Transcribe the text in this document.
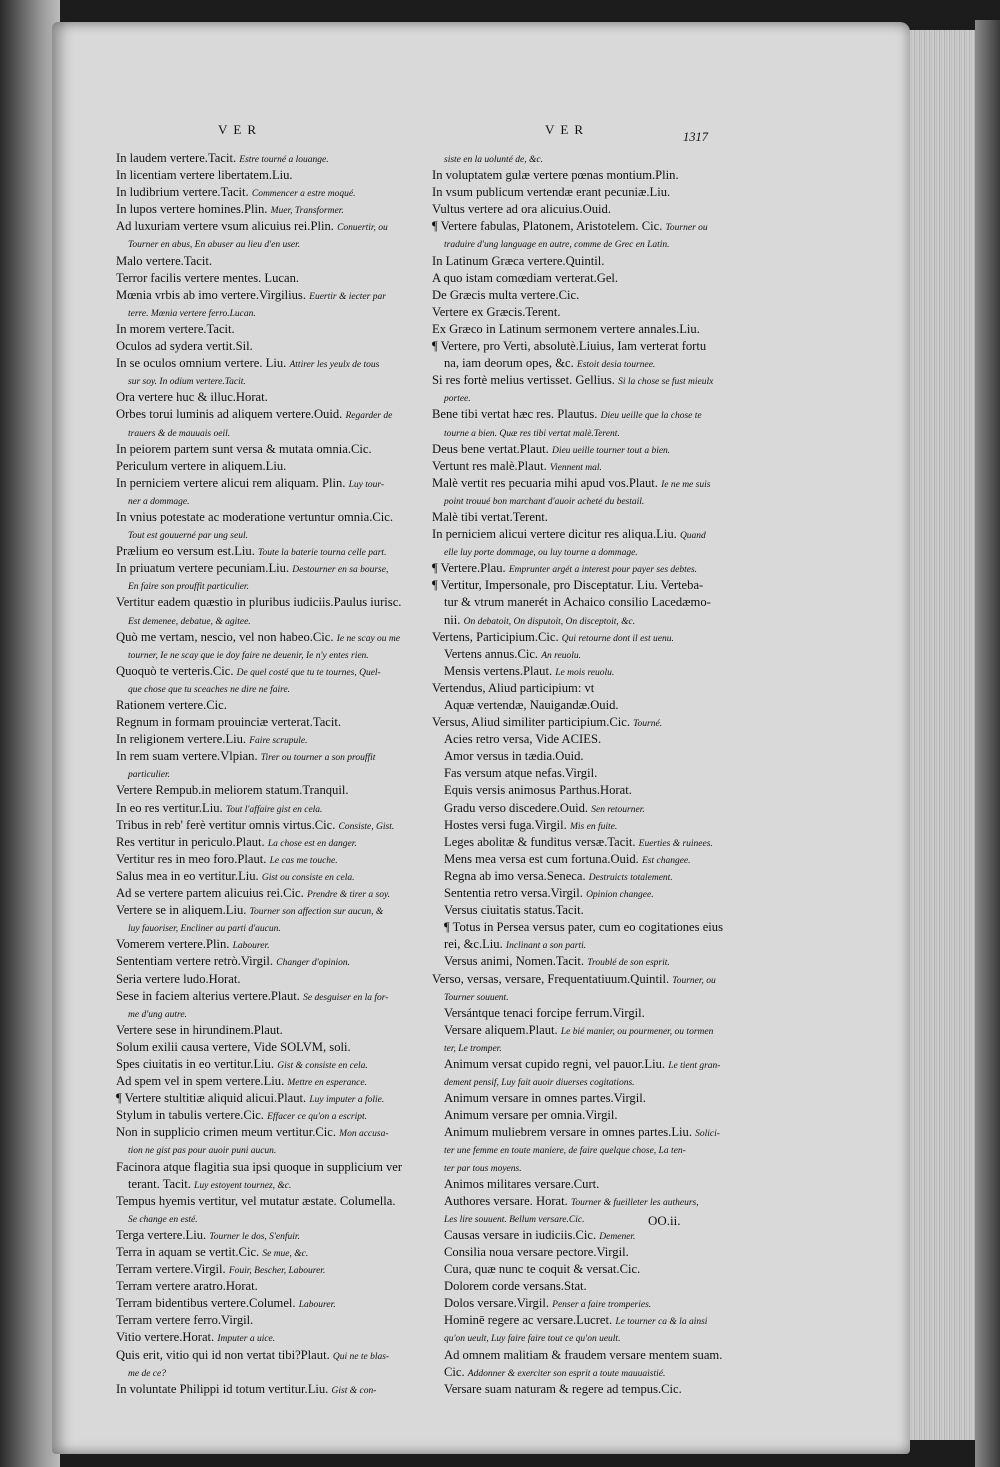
VER	VER	1317
In laudem vertere.Tacit. Estre tourné a louange.
In licentiam vertere libertatem.Liu.
In ludibrium vertere.Tacit. Commencer a estre moqué.
In lupos vertere homines.Plin. Muer, Transformer.
Ad luxuriam vertere vsum alicuius rei.Plin. Conuertir, ou
Tourner en abus, En abuser au lieu d'en user.
Malo vertere.Tacit.
Terror facilis vertere mentes. Lucan.
Mœnia vrbis ab imo vertere.Virgilius. Euertir & iecter par
terre. Mœnia vertere ferro.Lucan.
In morem vertere.Tacit.
Oculos ad sydera vertit.Sil.
In se oculos omnium vertere. Liu. Attirer les yeulx de tous
sur soy. In odium vertere.Tacit.
Ora vertere huc & illuc.Horat.
Orbes torui luminis ad aliquem vertere.Ouid. Regarder de
trauers & de mauuais oeil.
In peiorem partem sunt versa & mutata omnia.Cic.
Periculum vertere in aliquem.Liu.
In perniciem vertere alicui rem aliquam. Plin. Luy tour-
ner a dommage.
In vnius potestate ac moderatione vertuntur omnia.Cic.
Tout est gouuerné par ung seul.
Prælium eo versum est.Liu. Toute la baterie tourna celle part.
In priuatum vertere pecuniam.Liu. Destourner en sa bourse,
En faire son prouffit particulier.
Vertitur eadem quæstio in pluribus iudiciis.Paulus iurisc.
Est demenee, debatue, & agitee.
Quò me vertam, nescio, vel non habeo.Cic. Ie ne scay ou me
tourner, Ie ne scay que ie doy faire ne deuenir, Ie n'y entes rien.
Quoquò te verteris.Cic. De quel costé que tu te tournes, Quel-
que chose que tu sceaches ne dire ne faire.
Rationem vertere.Cic.
Regnum in formam prouinciæ verterat.Tacit.
In religionem vertere.Liu. Faire scrupule.
In rem suam vertere.Vlpian. Tirer ou tourner a son prouffit
particulier.
Vertere Rempub.in meliorem statum.Tranquil.
In eo res vertitur.Liu. Tout l'affaire gist en cela.
Tribus in reb' ferè vertitur omnis virtus.Cic. Consiste, Gist.
Res vertitur in periculo.Plaut. La chose est en danger.
Vertitur res in meo foro.Plaut. Le cas me touche.
Salus mea in eo vertitur.Liu. Gist ou consiste en cela.
Ad se vertere partem alicuius rei.Cic. Prendre & tirer a soy.
Vertere se in aliquem.Liu. Tourner son affection sur aucun, &
luy fauoriser, Encliner au parti d'aucun.
Vomerem vertere.Plin. Labourer.
Sententiam vertere retrò.Virgil. Changer d'opinion.
Seria vertere ludo.Horat.
Sese in faciem alterius vertere.Plaut. Se desguiser en la for-
me d'ung autre.
Vertere sese in hirundinem.Plaut.
Solum exilii causa vertere, Vide SOLVM, soli.
Spes ciuitatis in eo vertitur.Liu. Gist & consiste en cela.
Ad spem vel in spem vertere.Liu. Mettre en esperance.
¶ Vertere stultitiæ aliquid alicui.Plaut. Luy imputer a folie.
Stylum in tabulis vertere.Cic. Effacer ce qu'on a escript.
Non in supplicio crimen meum vertitur.Cic. Mon accusa-
tion ne gist pas pour auoir puni aucun.
Facinora atque flagitia sua ipsi quoque in supplicium ver
terant. Tacit. Luy estoyent tournez, &c.
Tempus hyemis vertitur, vel mutatur æstate. Columella.
Se change en esté.
Terga vertere.Liu. Tourner le dos, S'enfuir.
Terra in aquam se vertit.Cic. Se mue, &c.
Terram vertere.Virgil. Fouir, Bescher, Labourer.
Terram vertere aratro.Horat.
Terram bidentibus vertere.Columel. Labourer.
Terram vertere ferro.Virgil.
Vitio vertere.Horat. Imputer a uice.
Quis erit, vitio qui id non vertat tibi?Plaut. Qui ne te blas-
me de ce?
In voluntate Philippi id totum vertitur.Liu. Gist & con-
siste en la uolunté de, &c.
In voluptatem gulæ vertere pœnas montium.Plin.
In vsum publicum vertendæ erant pecuniæ.Liu.
Vultus vertere ad ora alicuius.Ouid.
¶ Vertere fabulas, Platonem, Aristotelem. Cic. Tourner ou
traduire d'ung language en autre, comme de Grec en Latin.
In Latinum Græca vertere.Quintil.
A quo istam comœdiam verterat.Gel.
De Græcis multa vertere.Cic.
Vertere ex Græcis.Terent.
Ex Græco in Latinum sermonem vertere annales.Liu.
¶ Vertere, pro Verti, absolutè.Liuius, Iam verterat fortu
na, iam deorum opes, &c. Estoit desia tournee.
Si res fortè melius vertisset. Gellius. Si la chose se fust mieulx
portee.
Bene tibi vertat hæc res. Plautus. Dieu ueille que la chose te
tourne a bien. Quæ res tibi vertat malè.Terent.
Deus bene vertat.Plaut. Dieu ueille tourner tout a bien.
Vertunt res malè.Plaut. Viennent mal.
Malè vertit res pecuaria mihi apud vos.Plaut. Ie ne me suis
point trouué bon marchant d'auoir acheté du bestail.
Malè tibi vertat.Terent.
In perniciem alicui vertere dicitur res aliqua.Liu. Quand
elle luy porte dommage, ou luy tourne a dommage.
¶ Vertere.Plau. Emprunter argét a interest pour payer ses debtes.
¶ Vertitur, Impersonale, pro Disceptatur. Liu. Verteba-
tur & vtrum manerét in Achaico consilio Lacedæmo-
nii. On debatoit, On disputoit, On disceptoit, &c.
Vertens, Participium.Cic. Qui retourne dont il est uenu.
Vertens annus.Cic. An reuolu.
Mensis vertens.Plaut. Le mois reuolu.
Vertendus, Aliud participium: vt
Aquæ vertendæ, Nauigandæ.Ouid.
Versus, Aliud similiter participium.Cic. Tourné.
Acies retro versa, Vide ACIES.
Amor versus in tædia.Ouid.
Fas versum atque nefas.Virgil.
Equis versis animosus Parthus.Horat.
Gradu verso discedere.Ouid. Sen retourner.
Hostes versi fuga.Virgil. Mis en fuite.
Leges abolitæ & funditus versæ.Tacit. Euerties & ruinees.
Mens mea versa est cum fortuna.Ouid. Est changee.
Regna ab imo versa.Seneca. Destruicts totalement.
Sententia retro versa.Virgil. Opinion changee.
Versus ciuitatis status.Tacit.
¶ Totus in Persea versus pater, cum eo cogitationes eius
rei, &c.Liu. Inclinant a son parti.
Versus animi, Nomen.Tacit. Troublé de son esprit.
Verso, versas, versare, Frequentatiuum.Quintil. Tourner, ou
Tourner souuent.
Versántque tenaci forcipe ferrum.Virgil.
Versare aliquem.Plaut. Le bié manier, ou pourmener, ou tormen
ter, Le tromper.
Animum versat cupido regni, vel pauor.Liu. Le tient gran-
dement pensif, Luy fait auoir diuerses cogitations.
Animum versare in omnes partes.Virgil.
Animum versare per omnia.Virgil.
Animum muliebrem versare in omnes partes.Liu. Solici-
ter une femme en toute maniere, de faire quelque chose, La ten-
ter par tous moyens.
Animos militares versare.Curt.
Authores versare. Horat. Tourner & fueilleter les autheurs,
Les lire souuent. Bellum versare.Cic.
Causas versare in iudiciis.Cic. Demener.
Consilia noua versare pectore.Virgil.
Cura, quæ nunc te coquit & versat.Cic.
Dolorem corde versans.Stat.
Dolos versare.Virgil. Penser a faire tromperies.
Hominē regere ac versare.Lucret. Le tourner ca & la ainsi
qu'on ueult, Luy faire faire tout ce qu'on ueult.
Ad omnem malitiam & fraudem versare mentem suam.
Cic. Addonner & exerciter son esprit a toute mauuaistié.
Versare suam naturam & regere ad tempus.Cic.
OO.ii.
